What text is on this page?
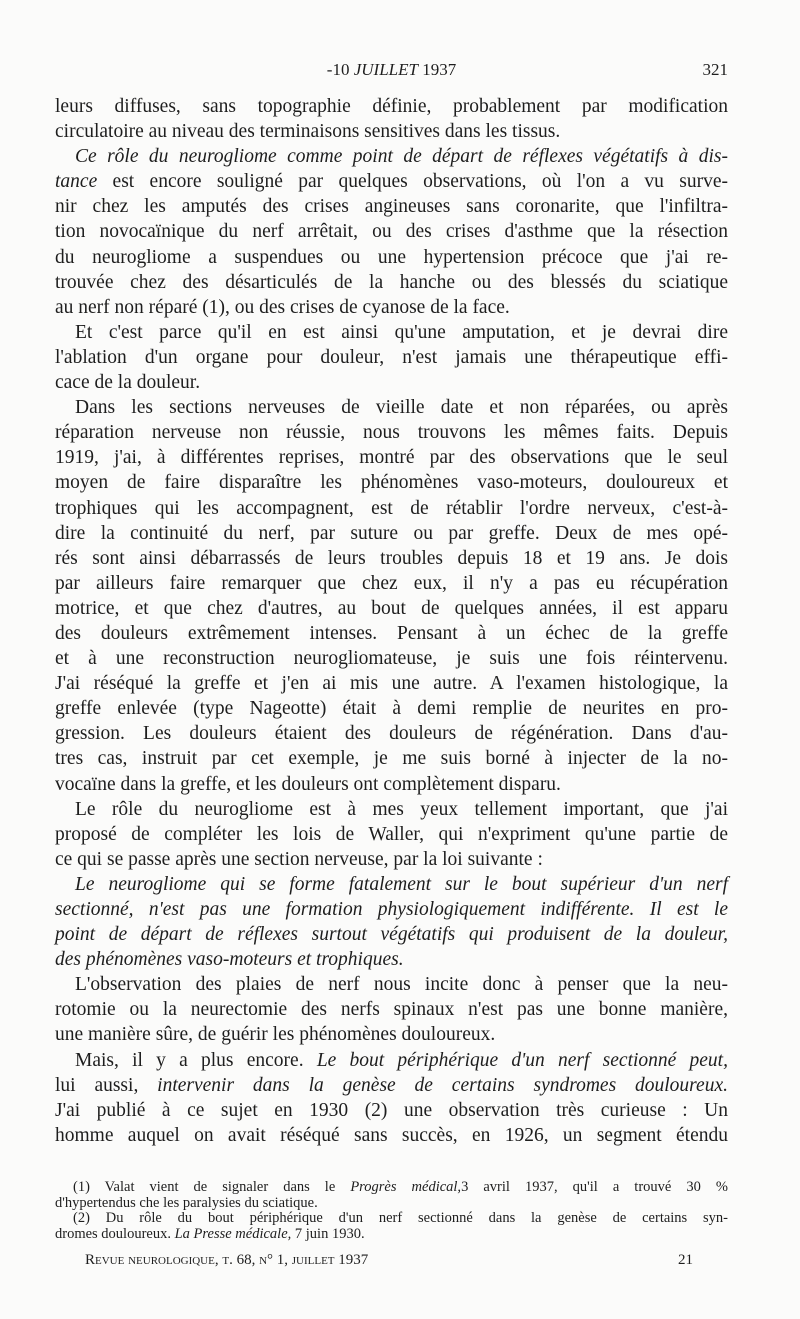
-10 JUILLET 1937	321
leurs diffuses, sans topographie définie, probablement par modification
circulatoire au niveau des terminaisons sensitives dans les tissus.
Ce rôle du neurogliome comme point de départ de réflexes végétatifs à dis-
tance est encore souligné par quelques observations, où l'on a vu surve-
nir chez les amputés des crises angineuses sans coronarite, que l'infiltra-
tion novocaïnique du nerf arrêtait, ou des crises d'asthme que la résection
du neurogliome a suspendues ou une hypertension précoce que j'ai re-
trouvée chez des désarticulés de la hanche ou des blessés du sciatique
au nerf non réparé (1), ou des crises de cyanose de la face.
Et c'est parce qu'il en est ainsi qu'une amputation, et je devrai dire
l'ablation d'un organe pour douleur, n'est jamais une thérapeutique effi-
cace de la douleur.
Dans les sections nerveuses de vieille date et non réparées, ou après
réparation nerveuse non réussie, nous trouvons les mêmes faits. Depuis
1919, j'ai, à différentes reprises, montré par des observations que le seul
moyen de faire disparaître les phénomènes vaso-moteurs, douloureux et
trophiques qui les accompagnent, est de rétablir l'ordre nerveux, c'est-à-
dire la continuité du nerf, par suture ou par greffe. Deux de mes opé-
rés sont ainsi débarrassés de leurs troubles depuis 18 et 19 ans. Je dois
par ailleurs faire remarquer que chez eux, il n'y a pas eu récupération
motrice, et que chez d'autres, au bout de quelques années, il est apparu
des douleurs extrêmement intenses. Pensant à un échec de la greffe
et à une reconstruction neurogliomateuse, je suis une fois réintervenu.
J'ai réséqué la greffe et j'en ai mis une autre. A l'examen histologique, la
greffe enlevée (type Nageotte) était à demi remplie de neurites en pro-
gression. Les douleurs étaient des douleurs de régénération. Dans d'au-
tres cas, instruit par cet exemple, je me suis borné à injecter de la no-
vocaïne dans la greffe, et les douleurs ont complètement disparu.
Le rôle du neurogliome est à mes yeux tellement important, que j'ai
proposé de compléter les lois de Waller, qui n'expriment qu'une partie de
ce qui se passe après une section nerveuse, par la loi suivante :
Le neurogliome qui se forme fatalement sur le bout supérieur d'un nerf
sectionné, n'est pas une formation physiologiquement indifférente. Il est le
point de départ de réflexes surtout végétatifs qui produisent de la douleur,
des phénomènes vaso-moteurs et trophiques.
L'observation des plaies de nerf nous incite donc à penser que la neu-
rotomie ou la neurectomie des nerfs spinaux n'est pas une bonne manière,
une manière sûre, de guérir les phénomènes douloureux.
Mais, il y a plus encore. Le bout périphérique d'un nerf sectionné peut,
lui aussi, intervenir dans la genèse de certains syndromes douloureux.
J'ai publié à ce sujet en 1930 (2) une observation très curieuse : Un
homme auquel on avait réséqué sans succès, en 1926, un segment étendu
(1) Valat vient de signaler dans le Progrès médical,3 avril 1937, qu'il a trouvé 30 %
d'hypertendus che les paralysies du sciatique.
(2) Du rôle du bout périphérique d'un nerf sectionné dans la genèse de certains syn-
dromes douloureux. La Presse médicale, 7 juin 1930.
Revue neurologique, t. 68, n° 1, juillet 1937	21
